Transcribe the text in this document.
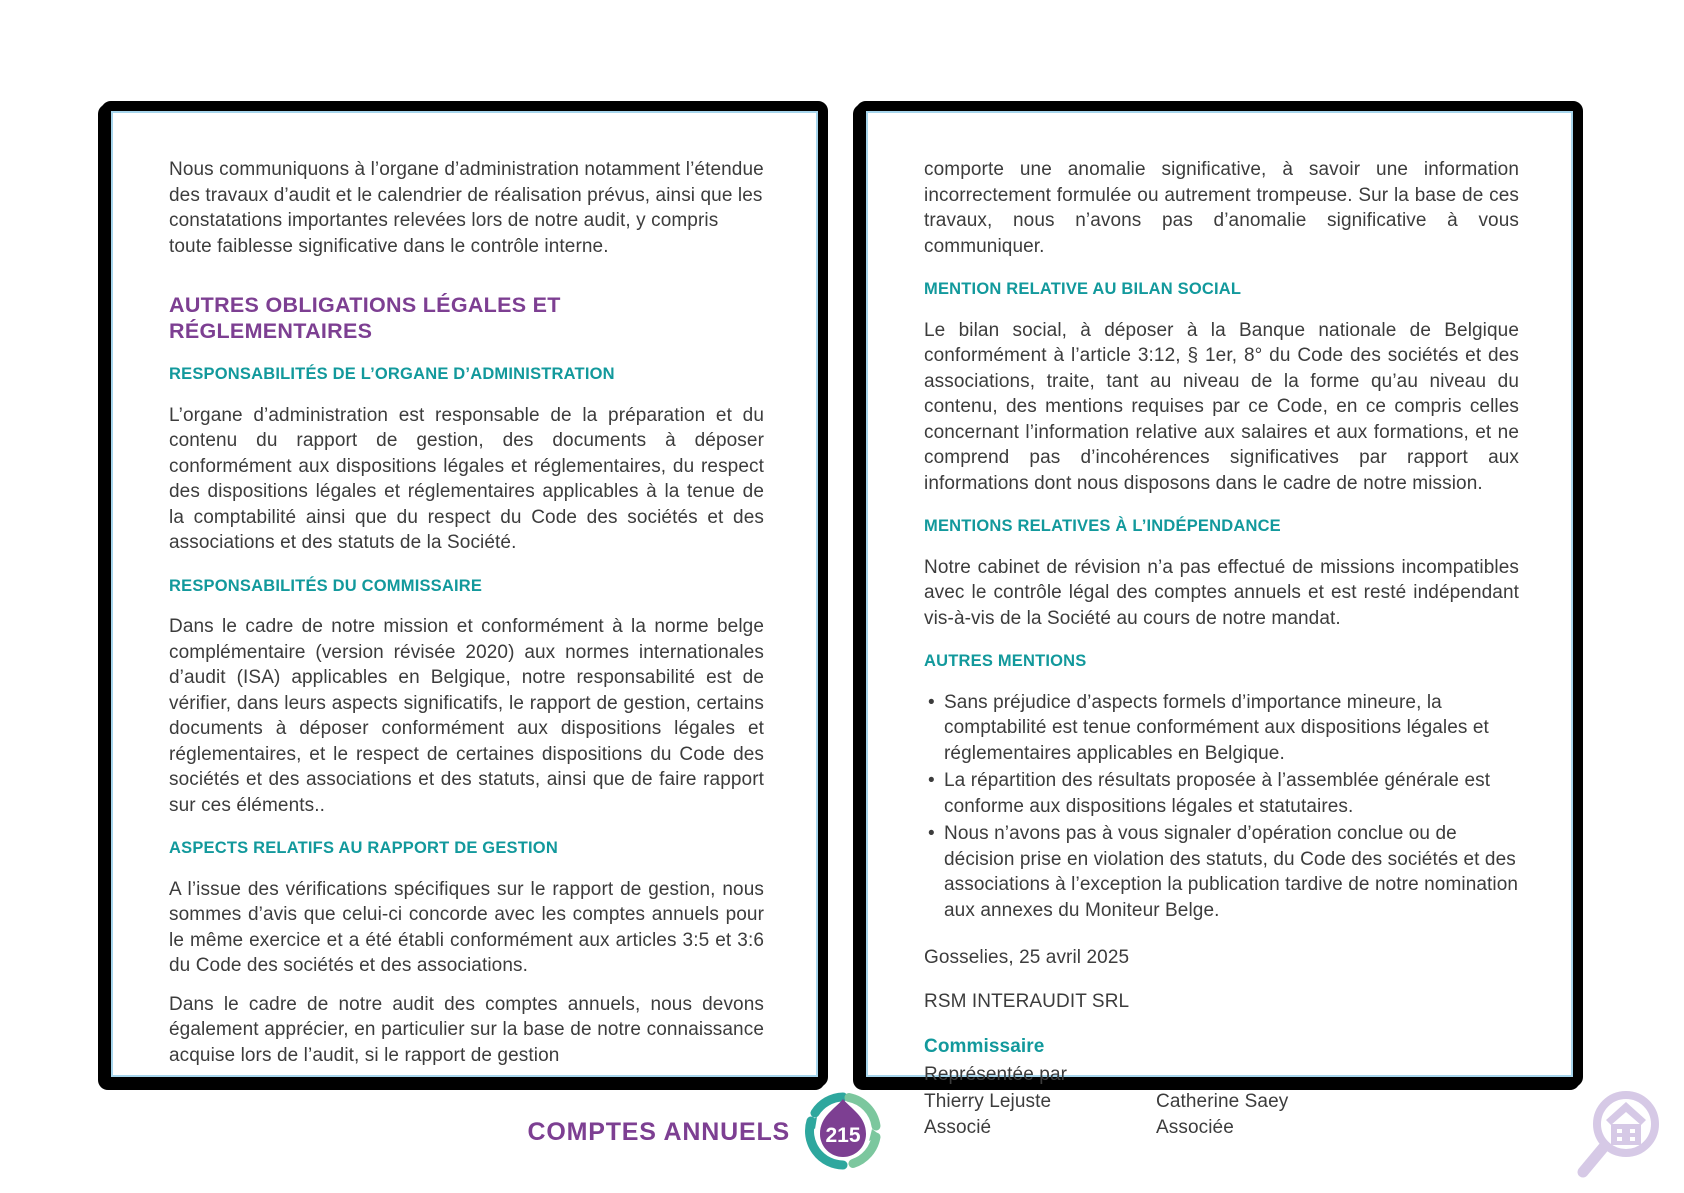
Nous communiquons à l’organe d’administration notamment l’étendue des travaux d’audit et le calendrier de réalisation prévus, ainsi que les constatations importantes relevées lors de notre audit, y compris toute faiblesse significative dans le contrôle interne.

AUTRES OBLIGATIONS LÉGALES ET RÉGLEMENTAIRES
RESPONSABILITÉS DE L’ORGANE D’ADMINISTRATION

L’organe d’administration est responsable de la préparation et du contenu du rapport de gestion, des documents à déposer conformément aux dispositions légales et réglementaires, du respect des dispositions légales et réglementaires applicables à la tenue de la comptabilité ainsi que du respect du Code des sociétés et des associations et des statuts de la Société.

RESPONSABILITÉS DU COMMISSAIRE

Dans le cadre de notre mission et conformément à la norme belge complémentaire (version révisée 2020) aux normes internationales d’audit (ISA) applicables en Belgique, notre responsabilité est de vérifier, dans leurs aspects significatifs, le rapport de gestion, certains documents à déposer conformément aux dispositions légales et réglementaires, et le respect de certaines dispositions du Code des sociétés et des associations et des statuts, ainsi que de faire rapport sur ces éléments..

ASPECTS RELATIFS AU RAPPORT DE GESTION

A l’issue des vérifications spécifiques sur le rapport de gestion, nous sommes d’avis que celui-ci concorde avec les comptes annuels pour le même exercice et a été établi conformément aux articles 3:5 et 3:6 du Code des sociétés et des associations.

Dans le cadre de notre audit des comptes annuels, nous devons également apprécier, en particulier sur la base de notre connaissance acquise lors de l’audit, si le rapport de gestion

comporte une anomalie significative, à savoir une information incorrectement formulée ou autrement trompeuse. Sur la base de ces travaux, nous n’avons pas d’anomalie significative à vous communiquer.

MENTION RELATIVE AU BILAN SOCIAL

Le bilan social, à déposer à la Banque nationale de Belgique conformément à l’article 3:12, § 1er, 8° du Code des sociétés et des associations, traite, tant au niveau de la forme qu’au niveau du contenu, des mentions requises par ce Code, en ce compris celles concernant l’information relative aux salaires et aux formations, et ne comprend pas d’incohérences significatives par rapport aux informations dont nous disposons dans le cadre de notre mission.

MENTIONS RELATIVES À L’INDÉPENDANCE

Notre cabinet de révision n’a pas effectué de missions incompatibles avec le contrôle légal des comptes annuels et est resté indépendant vis-à-vis de la Société au cours de notre mandat.

AUTRES MENTIONS
• Sans préjudice d’aspects formels d’importance mineure, la comptabilité est tenue conformément aux dispositions légales et réglementaires applicables en Belgique.
• La répartition des résultats proposée à l’assemblée générale est conforme aux dispositions légales et statutaires.
• Nous n’avons pas à vous signaler d’opération conclue ou de décision prise en violation des statuts, du Code des sociétés et des associations à l’exception la publication tardive de notre nomination aux annexes du Moniteur Belge.

Gosselies, 25 avril 2025

RSM INTERAUDIT SRL

Commissaire

Représentée par

Thierry Lejuste

Associé

Catherine Saey

Associée

COMPTES ANNUELS 215
